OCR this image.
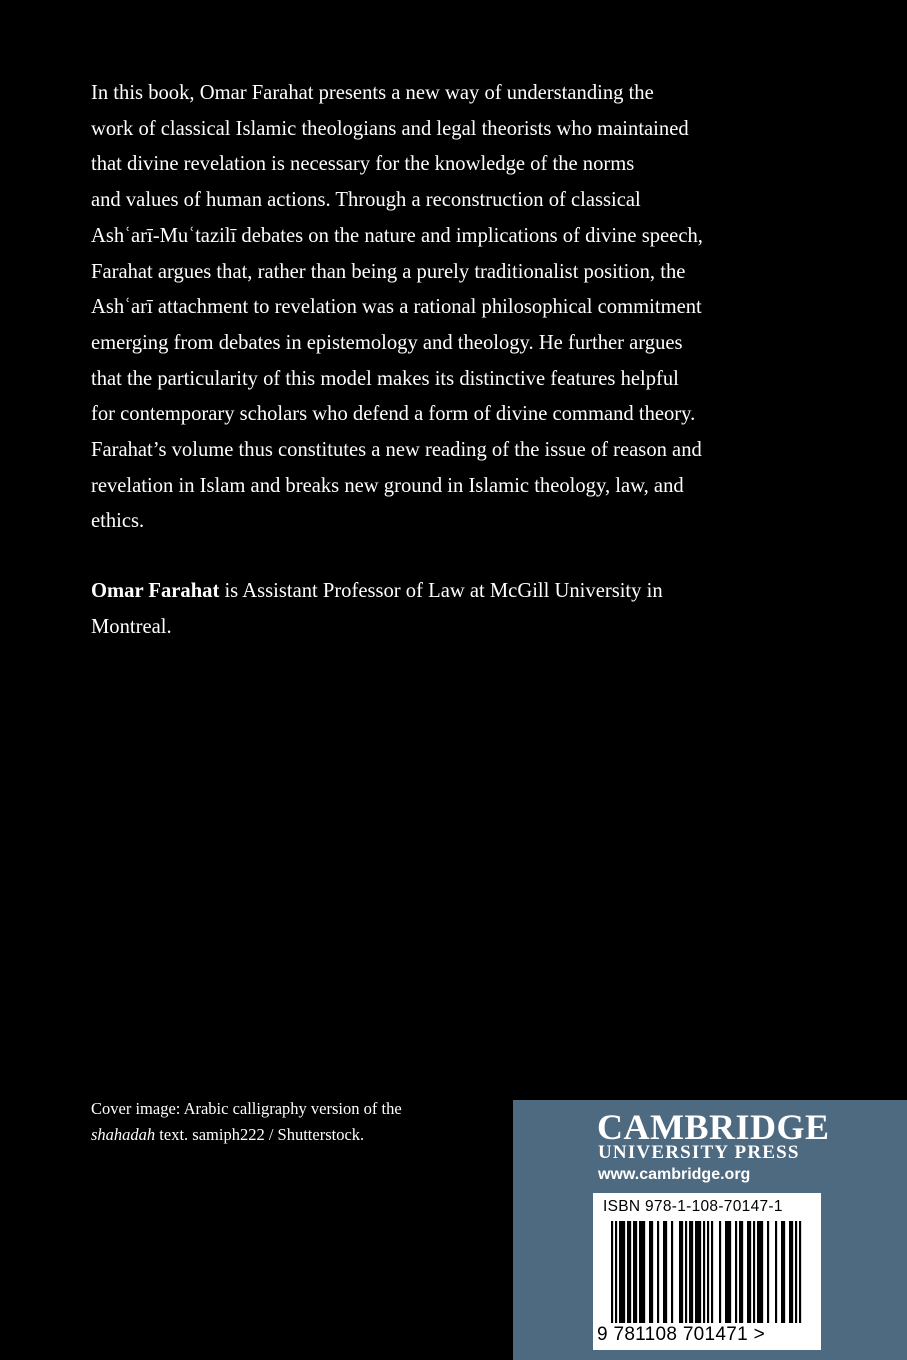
In this book, Omar Farahat presents a new way of understanding the
work of classical Islamic theologians and legal theorists who maintained
that divine revelation is necessary for the knowledge of the norms
and values of human actions. Through a reconstruction of classical
Ashʿarī-Muʿtazilī debates on the nature and implications of divine speech,
Farahat argues that, rather than being a purely traditionalist position, the
Ashʿarī attachment to revelation was a rational philosophical commitment
emerging from debates in epistemology and theology. He further argues
that the particularity of this model makes its distinctive features helpful
for contemporary scholars who defend a form of divine command theory.
Farahat’s volume thus constitutes a new reading of the issue of reason and
revelation in Islam and breaks new ground in Islamic theology, law, and
ethics.
Omar Farahat is Assistant Professor of Law at McGill University in
Montreal.
Cover image: Arabic calligraphy version of the
shahadah text. samiph222 / Shutterstock.	CAMBRIDGE
UNIVERSITY PRESS
www.cambridge.org
ISBN 978-1-108-70147-1
9 781108 701471 >
